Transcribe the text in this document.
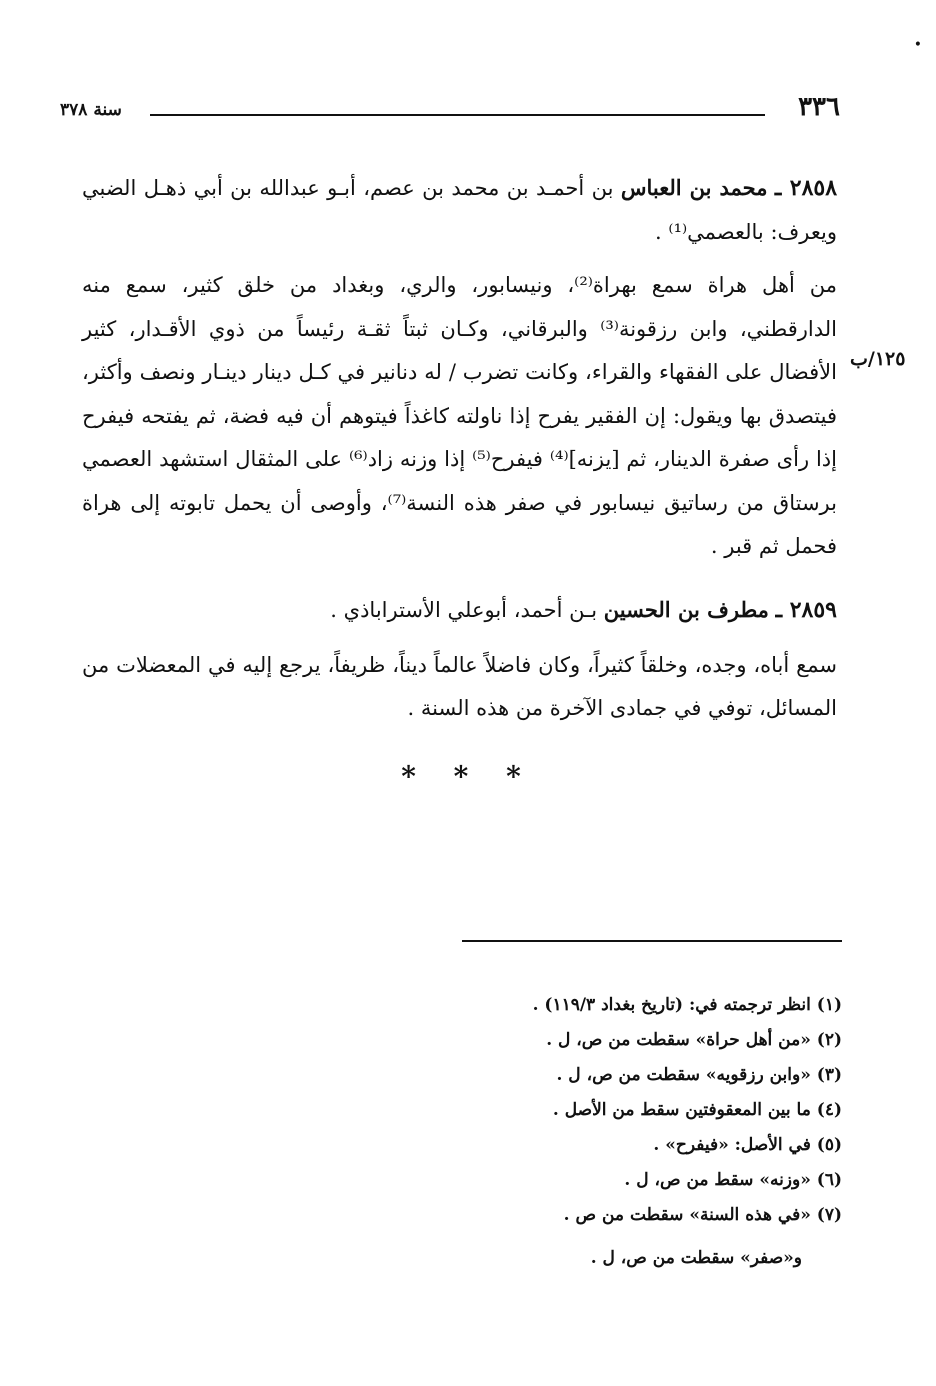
•
٣٣٦
سنة ٣٧٨
٢٨٥٨ ـ محمد بن العباس بن أحمـد بن محمد بن عصم، أبـو عبدالله بن أبي ذهـل الضبي ويعرف: بالعصمي⁽¹⁾ .
من أهل هراة سمع بهراة⁽²⁾، ونيسابور، والري، وبغداد من خلق كثير، سمع منه الدارقطني، وابن رزقونة⁽³⁾ والبرقاني، وكـان ثبتاً ثقـة رئيساً من ذوي الأقـدار، كثير الأفضال على الفقهاء والقراء، وكانت تضرب / له دنانير في كـل دينار دينـار ونصف وأكثر، فيتصدق بها ويقول: إن الفقير يفرح إذا ناولته كاغذاً فيتوهم أن فيه فضة، ثم يفتحه فيفرح إذا رأى صفرة الدينار، ثم [يزنه]⁽⁴⁾ فيفرح⁽⁵⁾ إذا وزنه زاد⁽⁶⁾ على المثقال استشهد العصمي برستاق من رساتيق نيسابور في صفر هذه النسة⁽⁷⁾، وأوصى أن يحمل تابوته إلى هراة فحمل ثم قبر .
١٢٥/ب
٢٨٥٩ ـ مطرف بن الحسين بـن أحمد، أبوعلي الأستراباذي .
سمع أباه، وجده، وخلقاً كثيراً، وكان فاضلاً عالماً ديناً، ظريفاً، يرجع إليه في المعضلات من المسائل، توفي في جمادى الآخرة من هذه السنة .
* * *
(١) انظر ترجمته في: (تاريخ بغداد ١١٩/٣) .
(٢) «من أهل حراة» سقطت من ص، ل .
(٣) «وابن رزقويه» سقطت من ص، ل .
(٤) ما بين المعقوفتين سقط من الأصل .
(٥) في الأصل: «فيفرح» .
(٦) «وزنه» سقط من ص، ل .
(٧) «في هذه السنة» سقطت من ص .
و«صفر» سقطت من ص، ل .
